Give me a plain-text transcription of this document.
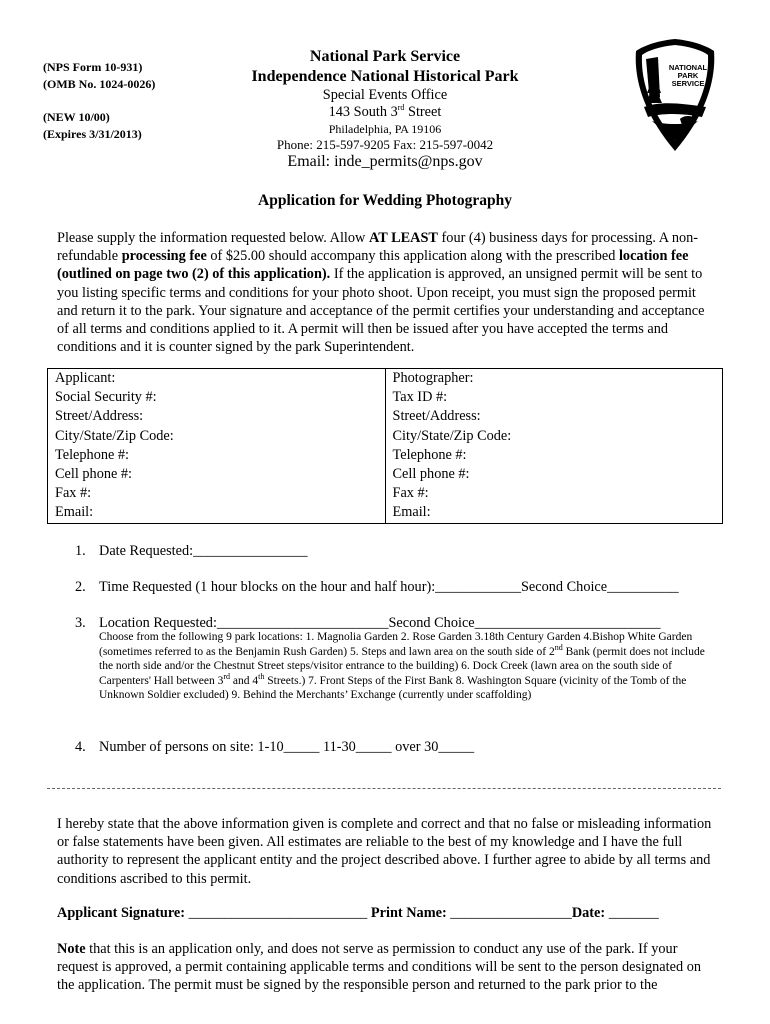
(NPS Form 10-931)
(OMB No. 1024-0026)
(NEW 10/00)
(Expires 3/31/2013)
National Park Service
Independence National Historical Park
Special Events Office
143 South 3rd Street
Philadelphia, PA 19106
Phone: 215-597-9205 Fax: 215-597-0042
Email: inde_permits@nps.gov
NATIONAL
PARK
SERVICE
Application for Wedding Photography
Please supply the information requested below. Allow AT LEAST four (4) business days for processing. A non-refundable processing fee of $25.00 should accompany this application along with the prescribed location fee (outlined on page two (2) of this application). If the application is approved, an unsigned permit will be sent to you listing specific terms and conditions for your photo shoot. Upon receipt, you must sign the proposed permit and return it to the park. Your signature and acceptance of the permit certifies your understanding and acceptance of all terms and conditions applied to it. A permit will then be issued after you have accepted the terms and conditions and it is counter signed by the park Superintendent.
Applicant:	Photographer:
Social Security #:	Tax ID #:
Street/Address:	Street/Address:
City/State/Zip Code:	City/State/Zip Code:
Telephone #:	Telephone #:
Cell phone #:	Cell phone #:
Fax #:	Fax #:
Email:	Email:
1. Date Requested:________________
2. Time Requested (1 hour blocks on the hour and half hour):____________Second Choice__________
3. Location Requested:________________________Second Choice__________________________
Choose from the following 9 park locations: 1. Magnolia Garden 2. Rose Garden 3.18th Century Garden 4.Bishop White Garden (sometimes referred to as the Benjamin Rush Garden) 5. Steps and lawn area on the south side of 2nd Bank (permit does not include the north side and/or the Chestnut Street steps/visitor entrance to the building) 6. Dock Creek (lawn area on the south side of Carpenters' Hall between 3rd and 4th Streets.) 7. Front Steps of the First Bank 8. Washington Square (vicinity of the Tomb of the Unknown Soldier excluded) 9. Behind the Merchants’ Exchange (currently under scaffolding)
4. Number of persons on site: 1-10_____ 11-30_____ over 30_____
I hereby state that the above information given is complete and correct and that no false or misleading information or false statements have been given. All estimates are reliable to the best of my knowledge and I have the full authority to represent the applicant entity and the project described above. I further agree to abide by all terms and conditions ascribed to this permit.
Applicant Signature: _________________________ Print Name: _________________Date: _______
Note that this is an application only, and does not serve as permission to conduct any use of the park. If your request is approved, a permit containing applicable terms and conditions will be sent to the person designated on the application. The permit must be signed by the responsible person and returned to the park prior to the
